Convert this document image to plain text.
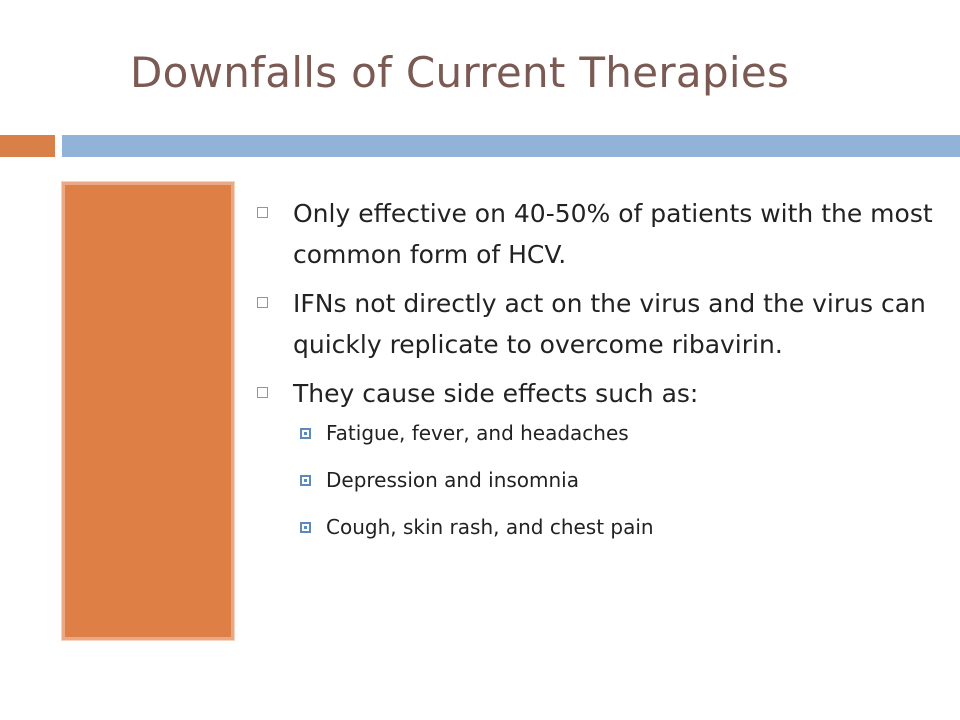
Downfalls of Current Therapies
Only effective on 40-50% of patients with the most common form of HCV.
IFNs not directly act on the virus and the virus can quickly replicate to overcome ribavirin.
They cause side effects such as:
Fatigue, fever, and headaches
Depression and insomnia
Cough, skin rash, and chest pain
